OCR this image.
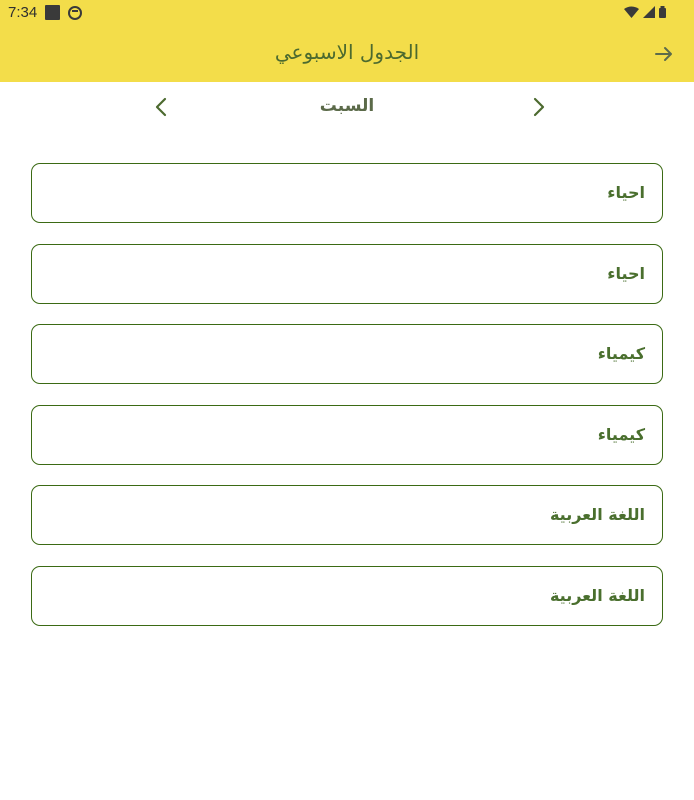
7:34
الجدول الاسبوعي
السبت
احياء
احياء
كيمياء
كيمياء
اللغة العربية
اللغة العربية
